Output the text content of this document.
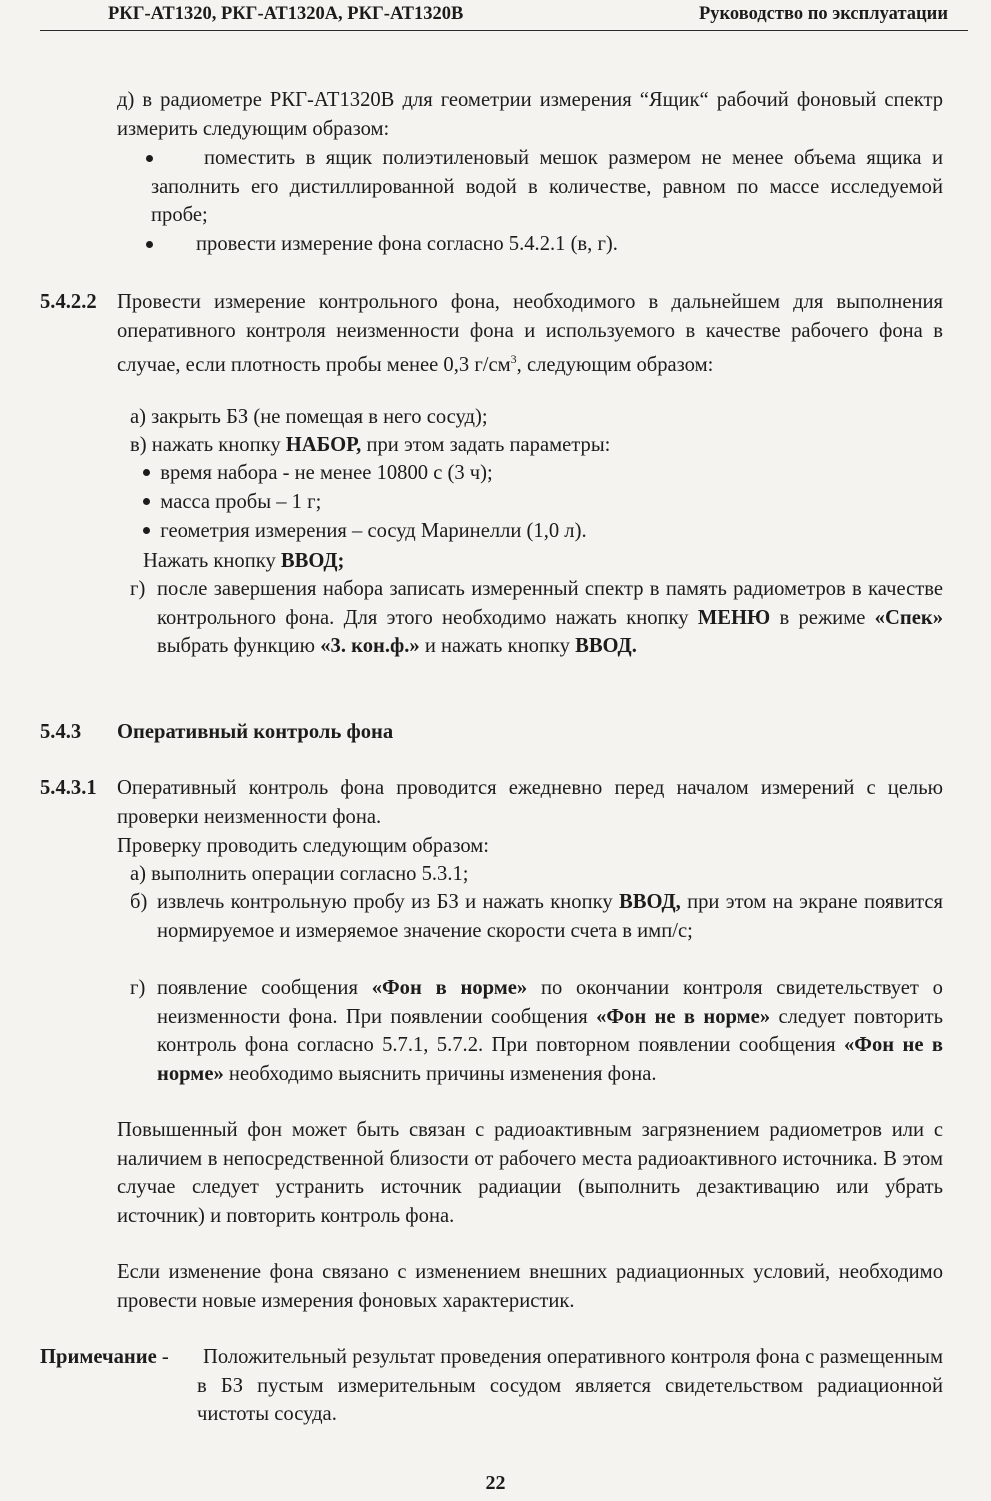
РКГ-АТ1320, РКГ-АТ1320А, РКГ-АТ1320В	Руководство по эксплуатации
д) в радиометре РКГ-АТ1320В для геометрии измерения “Ящик“ рабочий фоновый спектр измерить следующим образом:
поместить в ящик полиэтиленовый мешок размером не менее объема ящика и заполнить его дистиллированной водой в количестве, равном по массе исследуемой пробе;
провести измерение фона согласно 5.4.2.1 (в, г).
5.4.2.2 Провести измерение контрольного фона, необходимого в дальнейшем для выполнения оперативного контроля неизменности фона и используемого в качестве рабочего фона в случае, если плотность пробы менее 0,3 $г/см^3$, следующим образом:
а) закрыть БЗ (не помещая в него сосуд);
в) нажать кнопку НАБОР, при этом задать параметры:
время набора - не менее 10800 с (3 ч);
масса пробы – 1 г;
геометрия измерения – сосуд Маринелли (1,0 л).
Нажать кнопку ВВОД;
г) после завершения набора записать измеренный спектр в память радиометров в качестве контрольного фона. Для этого необходимо нажать кнопку МЕНЮ в режиме «Спек» выбрать функцию «3. кон.ф.» и нажать кнопку ВВОД.
5.4.3 Оперативный контроль фона
5.4.3.1 Оперативный контроль фона проводится ежедневно перед началом измерений с целью проверки неизменности фона.
Проверку проводить следующим образом:
а) выполнить операции согласно 5.3.1;
б) извлечь контрольную пробу из БЗ и нажать кнопку ВВОД, при этом на экране появится нормируемое и измеряемое значение скорости счета в имп/с;
г) появление сообщения «Фон в норме» по окончании контроля свидетельствует о неизменности фона. При появлении сообщения «Фон не в норме» следует повторить контроль фона согласно 5.7.1, 5.7.2. При повторном появлении сообщения «Фон не в норме» необходимо выяснить причины изменения фона.
Повышенный фон может быть связан с радиоактивным загрязнением радиометров или с наличием в непосредственной близости от рабочего места радиоактивного источника. В этом случае следует устранить источник радиации (выполнить дезактивацию или убрать источник) и повторить контроль фона.
Если изменение фона связано с изменением внешних радиационных условий, необходимо провести новые измерения фоновых характеристик.
Примечание - Положительный результат проведения оперативного контроля фона с размещенным в БЗ пустым измерительным сосудом является свидетельством радиационной чистоты сосуда.
22
